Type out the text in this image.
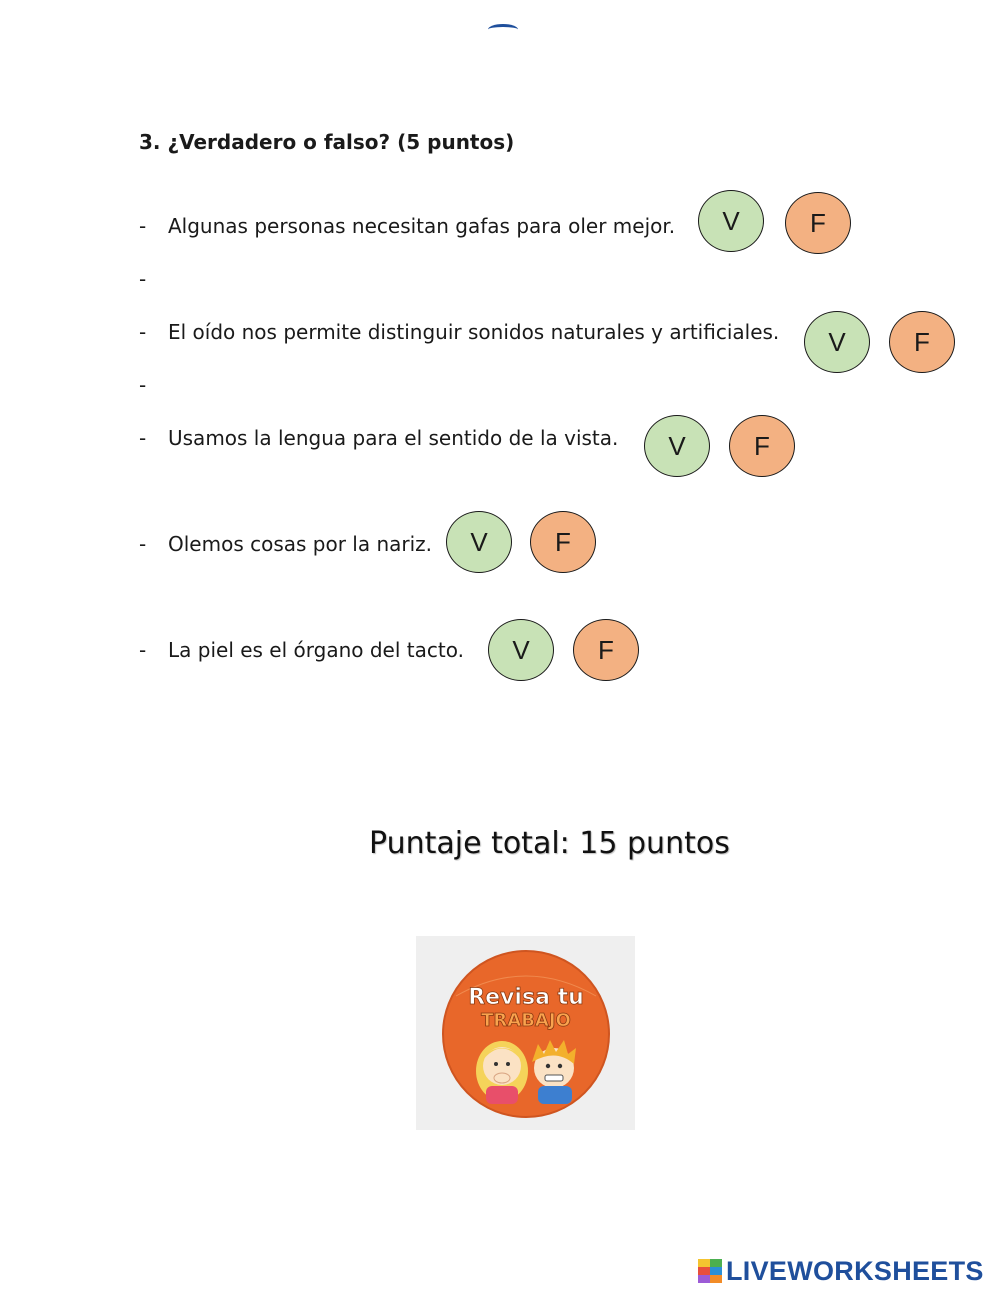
3. ¿Verdadero o falso? (5 puntos)
- Algunas personas necesitan gafas para oler mejor.	V	F
-
- El oído nos permite distinguir sonidos naturales y artificiales.	V	F
-
- Usamos la lengua para el sentido de la vista.	V	F
- Olemos cosas por la nariz.	V	F
- La piel es el órgano del tacto.	V	F
Puntaje total: 15 puntos
Revisa tu
TRABAJO
LIVEWORKSHEETS
